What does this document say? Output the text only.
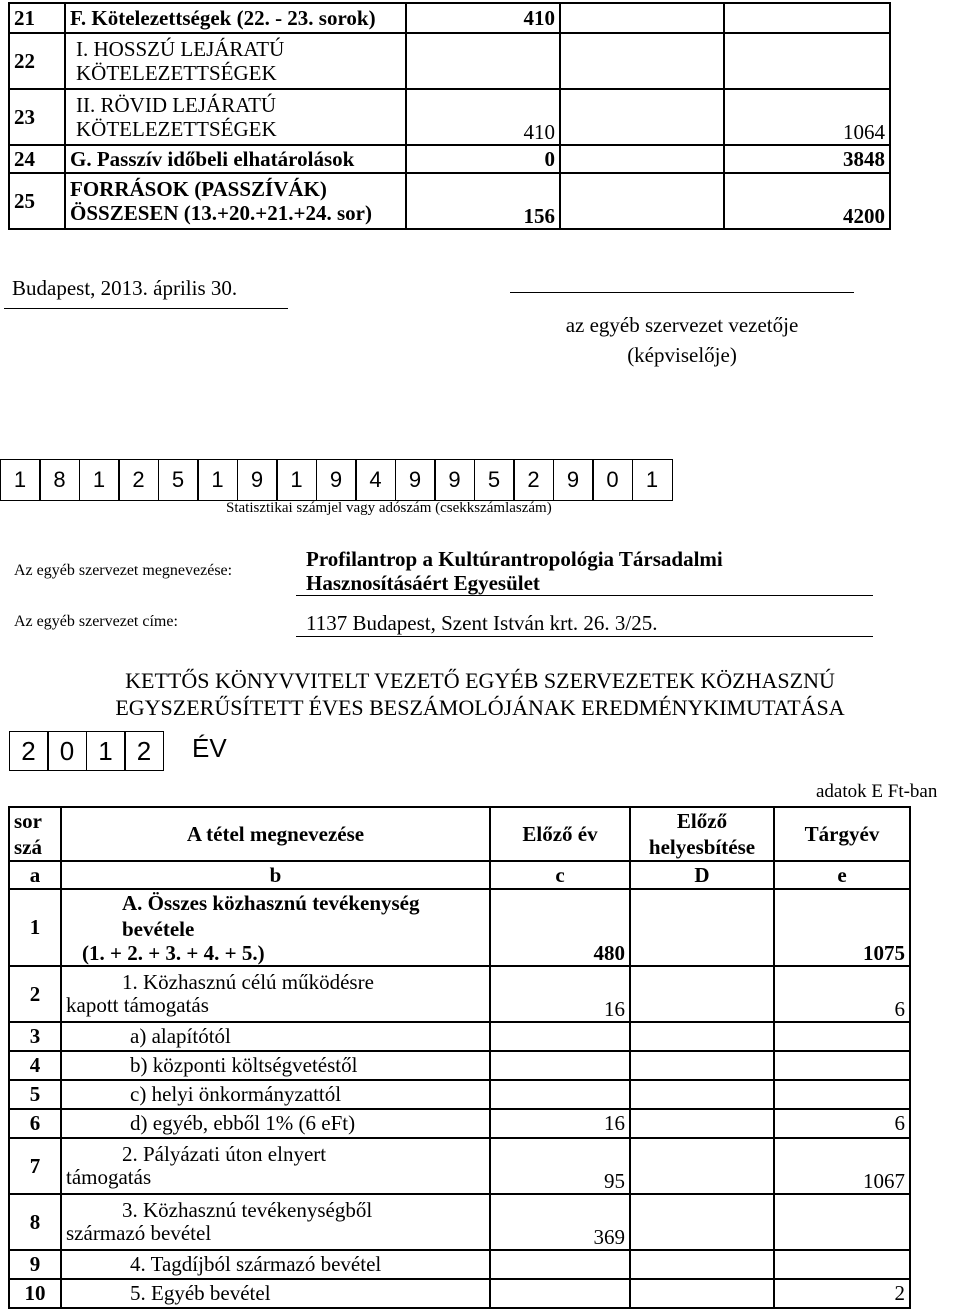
21	F. Kötelezettségek (22. - 23. sorok)	410		
22	I. HOSSZÚ LEJÁRATÚ KÖTELEZETTSÉGEK			
23	II. RÖVID LEJÁRATÚ KÖTELEZETTSÉGEK	410		1064
24	G. Passzív időbeli elhatárolások	0		3848
25	FORRÁSOK (PASSZÍVÁK) ÖSSZESEN (13.+20.+21.+24. sor)	156		4200
Budapest, 2013. április 30.
az egyéb szervezet vezetője
(képviselője)
1	8	1	2	5	1	9	1	9	4	9	9	5	2	9	0	1
Statisztikai számjel vagy adószám (csekkszámlaszám)
Az egyéb szervezet megnevezése:	Profilantrop a Kultúrantropológia Társadalmi
Hasznosításáért Egyesület
Az egyéb szervezet címe:	1137 Budapest, Szent István krt. 26. 3/25.
KETTŐS KÖNYVVITELT VEZETŐ EGYÉB SZERVEZETEK KÖZHASZNÚ
EGYSZERŰSÍTETT ÉVES BESZÁMOLÓJÁNAK EREDMÉNYKIMUTATÁSA
2 0 1 2	ÉV
adatok E Ft-ban
sor szá	A tétel megnevezése	Előző év	Előző helyesbítése	Tárgyév
a	b	c	D	e
1	A. Összes közhasznú tevékenység bevétele
(1. + 2. + 3. + 4. + 5.)	480		1075
2	1. Közhasznú célú működésre
kapott támogatás	16		6
3	a) alapítótól			
4	b) központi költségvetéstől			
5	c) helyi önkormányzattól			
6	d) egyéb, ebből 1% (6 eFt)	16		6
7	2. Pályázati úton elnyert
támogatás	95		1067
8	3. Közhasznú tevékenységből
származó bevétel	369		
9	4. Tagdíjból származó bevétel			
10	5. Egyéb bevétel			2
